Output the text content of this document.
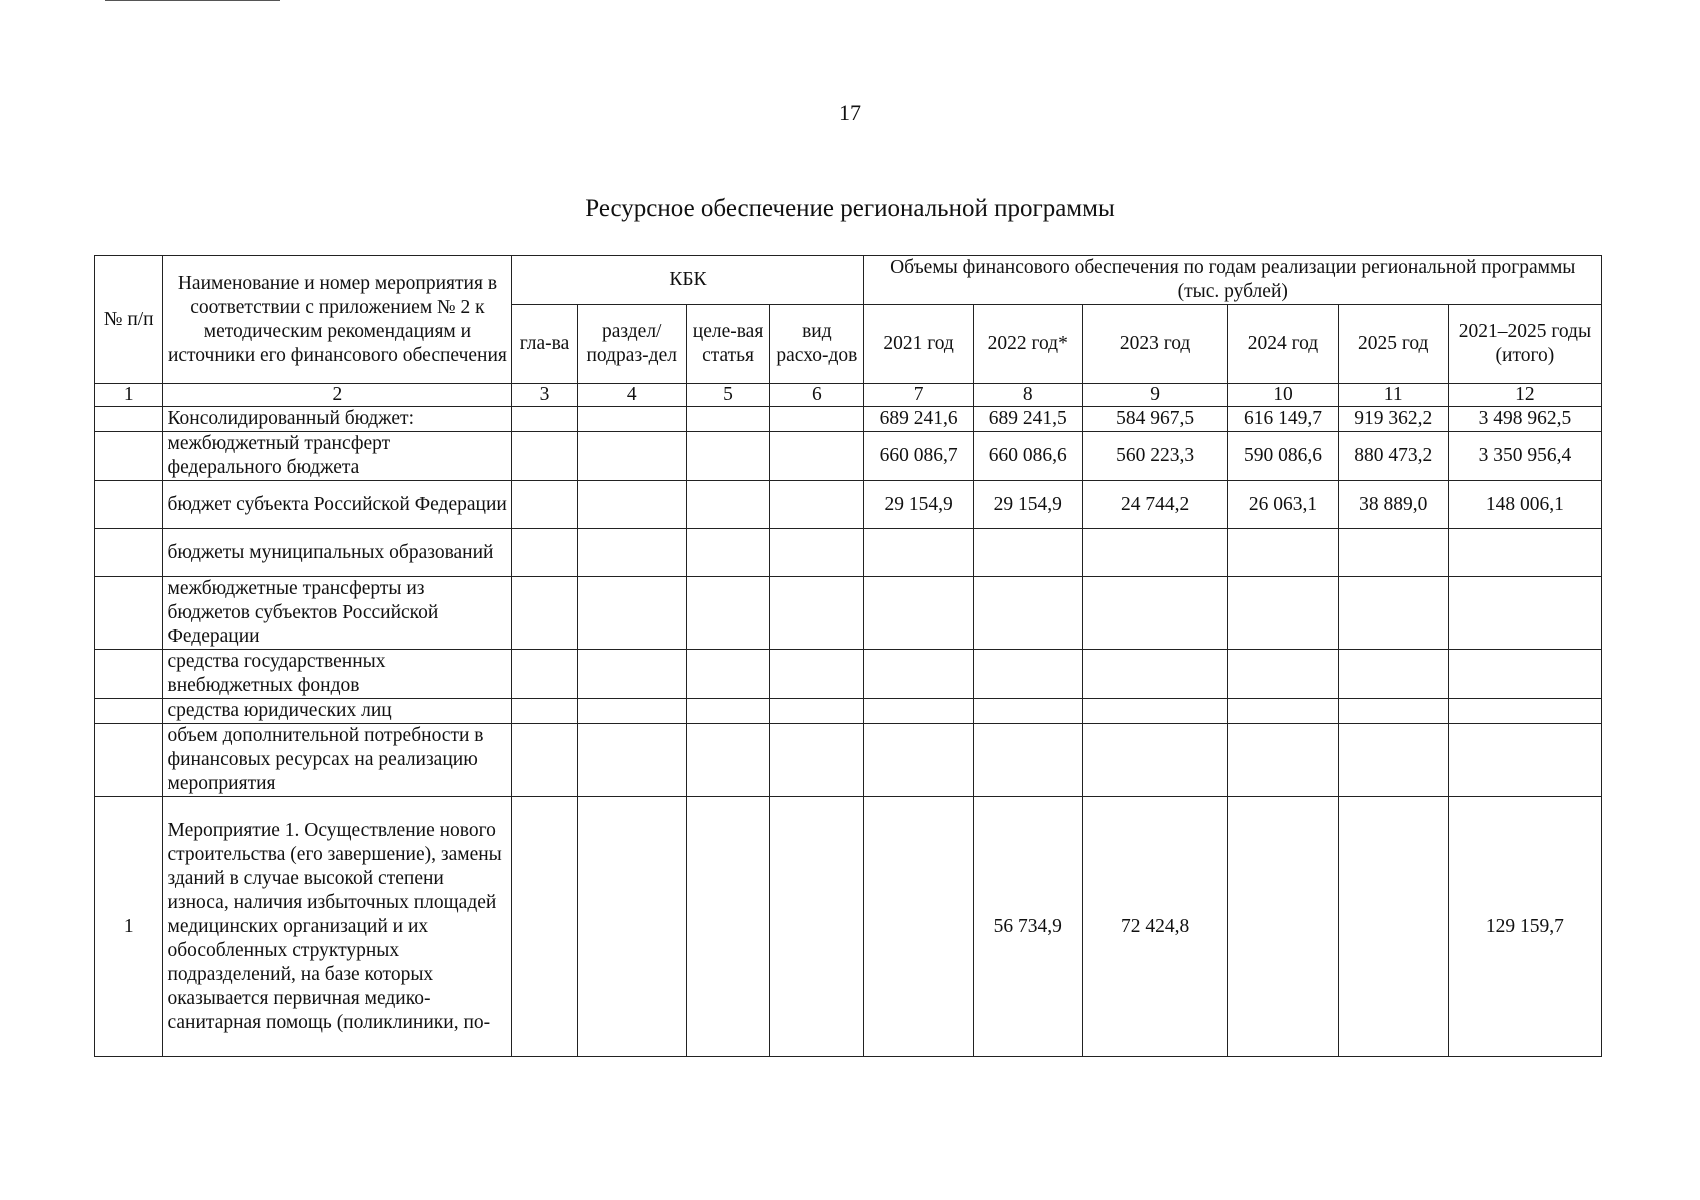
17
Ресурсное обеспечение региональной программы
№ п/п	Наименование и номер мероприятия в соответствии с приложением № 2 к методическим рекомендациям и источники его финансового обеспечения	КБК				Объемы финансового обеспечения по годам реализации региональной программы (тыс. рублей)					
		гла-ва	раздел/ подраз-дел	целе-вая статья	вид расхо-дов	2021 год	2022 год*	2023 год	2024 год	2025 год	2021–2025 годы (итого)
1	2	3	4	5	6	7	8	9	10	11	12
	Консолидированный бюджет:					689 241,6	689 241,5	584 967,5	616 149,7	919 362,2	3 498 962,5
	межбюджетный трансферт федерального бюджета					660 086,7	660 086,6	560 223,3	590 086,6	880 473,2	3 350 956,4
	бюджет субъекта Российской Федерации					29 154,9	29 154,9	24 744,2	26 063,1	38 889,0	148 006,1
	бюджеты муниципальных образований										
	межбюджетные трансферты из бюджетов субъектов Российской Федерации										
	средства государственных внебюджетных фондов										
	средства юридических лиц										
	объем дополнительной потребности в финансовых ресурсах на реализацию мероприятия										
1	Мероприятие 1. Осуществление нового строительства (его завершение), замены зданий в случае высокой степени износа, наличия избыточных площадей медицинских организаций и их обособленных структурных подразделений, на базе которых оказывается первичная медико-санитарная помощь (поликлиники, по-						56 734,9	72 424,8			129 159,7
